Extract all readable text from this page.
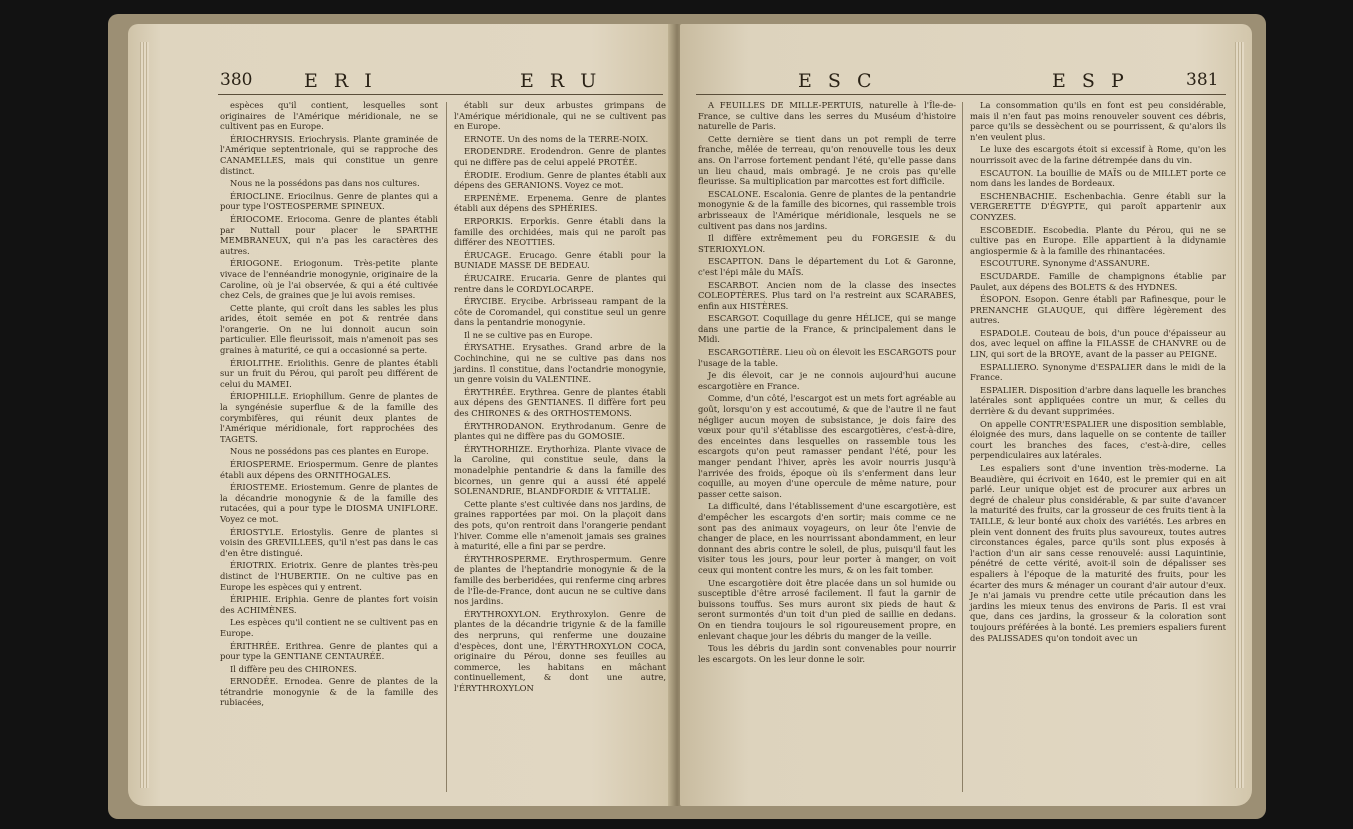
380	E R I	E R U

espèces qu'il contient, lesquelles sont originaires de l'Amérique méridionale, ne se cultivent pas en Europe.

ÉRIOCHRYSIS. Eriochrysis. Plante graminée de l'Amérique septentrionale, qui se rapproche des CANAMELLES, mais qui constitue un genre distinct.

Nous ne la possédons pas dans nos cultures.

ÉRIOCLINE. Eriocilnus. Genre de plantes qui a pour type l'OSTEOSPERME SPINEUX.

ÉRIOCOME. Eriocoma. Genre de plantes établi par Nuttall pour placer le SPARTHE MEMBRANEUX, qui n'a pas les caractères des autres.

ÉRIOGONE. Eriogonum. Très-petite plante vivace de l'ennéandrie monogynie, originaire de la Caroline, où je l'ai observée, & qui a été cultivée chez Cels, de graines que je lui avois remises.

Cette plante, qui croît dans les sables les plus arides, étoit semée en pot & rentrée dans l'orangerie. On ne lui donnoit aucun soin particulier. Elle fleurissoit, mais n'amenoit pas ses graines à maturité, ce qui a occasionné sa perte.

ÉRIOLITHE. Eriolithis. Genre de plantes établi sur un fruit du Pérou, qui paroît peu différent de celui du MAMEI.

ÉRIOPHILLE. Eriophillum. Genre de plantes de la syngénésie superflue & de la famille des corymbifères, qui réunit deux plantes de l'Amérique méridionale, fort rapprochées des TAGETS.

Nous ne possédons pas ces plantes en Europe.

ÉRIOSPERME. Eriospermum. Genre de plantes établi aux dépens des ORNITHOGALES.

ÉRIOSTEME. Eriostemum. Genre de plantes de la décandrie monogynie & de la famille des rutacées, qui a pour type le DIOSMA UNIFLORE. Voyez ce mot.

ÉRIOSTYLE. Eriostylis. Genre de plantes si voisin des GREVILLEES, qu'il n'est pas dans le cas d'en être distingué.

ÉRIOTRIX. Eriotrix. Genre de plantes très-peu distinct de l'HUBERTIE. On ne cultive pas en Europe les espèces qui y entrent.

ÉRIPHIE. Eriphia. Genre de plantes fort voisin des ACHIMÈNES.

Les espèces qu'il contient ne se cultivent pas en Europe.

ÉRITHRÉE. Erithrea. Genre de plantes qui a pour type la GENTIANE CENTAURÉE.

Il diffère peu des CHIRONES.

ERNODÉE. Ernodea. Genre de plantes de la tétrandrie monogynie & de la famille des rubiacées,

établi sur deux arbustes grimpans de l'Amérique méridionale, qui ne se cultivent pas en Europe.

ERNOTE. Un des noms de la TERRE-NOIX.

ERODENDRE. Erodendron. Genre de plantes qui ne diffère pas de celui appelé PROTÉE.

ÉRODIE. Erodium. Genre de plantes établi aux dépens des GERANIONS. Voyez ce mot.

ERPENÈME. Erpenema. Genre de plantes établi aux dépens des SPHÉRIES.

ERPORKIS. Erporkis. Genre établi dans la famille des orchidées, mais qui ne paroît pas différer des NEOTTIES.

ÉRUCAGE. Erucago. Genre établi pour la BUNIADE MASSE DE BEDEAU.

ÉRUCAIRE. Erucaria. Genre de plantes qui rentre dans le CORDYLOCARPE.

ÉRYCIBE. Erycibe. Arbrisseau rampant de la côte de Coromandel, qui constitue seul un genre dans la pentandrie monogynie.

Il ne se cultive pas en Europe.

ÉRYSATHE. Erysathes. Grand arbre de la Cochinchine, qui ne se cultive pas dans nos jardins. Il constitue, dans l'octandrie monogynie, un genre voisin du VALENTINE.

ÉRYTHRÉE. Erythrea. Genre de plantes établi aux dépens des GENTIANES. Il diffère fort peu des CHIRONES & des ORTHOSTEMONS.

ÉRYTHRODANON. Erythrodanum. Genre de plantes qui ne diffère pas du GOMOSIE.

ÉRYTHORHIZE. Erythorhiza. Plante vivace de la Caroline, qui constitue seule, dans la monadelphie pentandrie & dans la famille des bicornes, un genre qui a aussi été appelé SOLENANDRIE, BLANDFORDIE & VITTALIE.

Cette plante s'est cultivée dans nos jardins, de graines rapportées par moi. On la plaçoit dans des pots, qu'on rentroit dans l'orangerie pendant l'hiver. Comme elle n'amenoit jamais ses graines à maturité, elle a fini par se perdre.

ÉRYTHROSPERME. Erythrospermum. Genre de plantes de l'heptandrie monogynie & de la famille des berberidées, qui renferme cinq arbres de l'Île-de-France, dont aucun ne se cultive dans nos jardins.

ÉRYTHROXYLON. Erythroxylon. Genre de plantes de la décandrie trigynie & de la famille des nerpruns, qui renferme une douzaine d'espèces, dont une, l'ÉRYTHROXYLON COCA, originaire du Pérou, donne ses feuilles au commerce, les habitans en mâchant continuellement, & dont une autre, l'ÉRYTHROXYLON

E S C	E S P	381

A FEUILLES DE MILLE-PERTUIS, naturelle à l'Île-de-France, se cultive dans les serres du Muséum d'histoire naturelle de Paris.

Cette dernière se tient dans un pot rempli de terre franche, mêlée de terreau, qu'on renouvelle tous les deux ans. On l'arrose fortement pendant l'été, qu'elle passe dans un lieu chaud, mais ombragé. Je ne crois pas qu'elle fleurisse. Sa multiplication par marcottes est fort difficile.

ESCALONE. Escalonia. Genre de plantes de la pentandrie monogynie & de la famille des bicornes, qui rassemble trois arbrisseaux de l'Amérique méridionale, lesquels ne se cultivent pas dans nos jardins.

Il diffère extrêmement peu du FORGESIE & du STERIOXYLON.

ESCAPITON. Dans le département du Lot & Garonne, c'est l'épi mâle du MAÏS.

ESCARBOT. Ancien nom de la classe des insectes COLEOPTÈRES. Plus tard on l'a restreint aux SCARABES, enfin aux HISTÈRES.

ESCARGOT. Coquillage du genre HÉLICE, qui se mange dans une partie de la France, & principalement dans le Midi.

ESCARGOTIÈRE. Lieu où on élevoit les ESCARGOTS pour l'usage de la table.

Je dis élevoit, car je ne connois aujourd'hui aucune escargotière en France.

Comme, d'un côté, l'escargot est un mets fort agréable au goût, lorsqu'on y est accoutumé, & que de l'autre il ne faut négliger aucun moyen de subsistance, je dois faire des vœux pour qu'il s'établisse des escargotières, c'est-à-dire, des enceintes dans lesquelles on rassemble tous les escargots qu'on peut ramasser pendant l'été, pour les manger pendant l'hiver, après les avoir nourris jusqu'à l'arrivée des froids, époque où ils s'enferment dans leur coquille, au moyen d'une opercule de même nature, pour passer cette saison.

La difficulté, dans l'établissement d'une escargotière, est d'empêcher les escargots d'en sortir; mais comme ce ne sont pas des animaux voyageurs, on leur ôte l'envie de changer de place, en les nourrissant abondamment, en leur donnant des abris contre le soleil, de plus, puisqu'il faut les visiter tous les jours, pour leur porter à manger, on voit ceux qui montent contre les murs, & on les fait tomber.

Une escargotière doit être placée dans un sol humide ou susceptible d'être arrosé facilement. Il faut la garnir de buissons touffus. Ses murs auront six pieds de haut & seront surmontés d'un toit d'un pied de saillie en dedans. On en tiendra toujours le sol rigoureusement propre, en enlevant chaque jour les débris du manger de la veille.

Tous les débris du jardin sont convenables pour nourrir les escargots. On les leur donne le soir.

La consommation qu'ils en font est peu considérable, mais il n'en faut pas moins renouveler souvent ces débris, parce qu'ils se dessèchent ou se pourrissent, & qu'alors ils n'en veulent plus.

Le luxe des escargots étoit si excessif à Rome, qu'on les nourrissoit avec de la farine détrempée dans du vin.

ESCAUTON. La bouillie de MAÏS ou de MILLET porte ce nom dans les landes de Bordeaux.

ESCHENBACHIE. Eschenbachia. Genre établi sur la VERGERETTE D'ÉGYPTE, qui paroît appartenir aux CONYZES.

ESCOBEDIE. Escobedia. Plante du Pérou, qui ne se cultive pas en Europe. Elle appartient à la didynamie angiospermie & à la famille des rhinantacées.

ESCOUTURE. Synonyme d'ASSANURE.

ESCUDARDE. Famille de champignons établie par Paulet, aux dépens des BOLETS & des HYDNES.

ÉSOPON. Esopon. Genre établi par Rafinesque, pour le PRENANCHE GLAUQUE, qui diffère légèrement des autres.

ESPADOLE. Couteau de bois, d'un pouce d'épaisseur au dos, avec lequel on affine la FILASSE de CHANVRE ou de LIN, qui sort de la BROYE, avant de la passer au PEIGNE.

ESPALLIERO. Synonyme d'ESPALIER dans le midi de la France.

ESPALIER. Disposition d'arbre dans laquelle les branches latérales sont appliquées contre un mur, & celles du derrière & du devant supprimées.

On appelle CONTR'ESPALIER une disposition semblable, éloignée des murs, dans laquelle on se contente de tailler court les branches des faces, c'est-à-dire, celles perpendiculaires aux latérales.

Les espaliers sont d'une invention très-moderne. La Beaudière, qui écrivoit en 1640, est le premier qui en ait parlé. Leur unique objet est de procurer aux arbres un degré de chaleur plus considérable, & par suite d'avancer la maturité des fruits, car la grosseur de ces fruits tient à la TAILLE, & leur bonté aux choix des variétés. Les arbres en plein vent donnent des fruits plus savoureux, toutes autres circonstances égales, parce qu'ils sont plus exposés à l'action d'un air sans cesse renouvelé: aussi Laquintinie, pénétré de cette vérité, avoit-il soin de dépalisser ses espaliers à l'époque de la maturité des fruits, pour les écarter des murs & ménager un courant d'air autour d'eux. Je n'ai jamais vu prendre cette utile précaution dans les jardins les mieux tenus des environs de Paris. Il est vrai que, dans ces jardins, la grosseur & la coloration sont toujours préférées à la bonté. Les premiers espaliers furent des PALISSADES qu'on tondoit avec un
